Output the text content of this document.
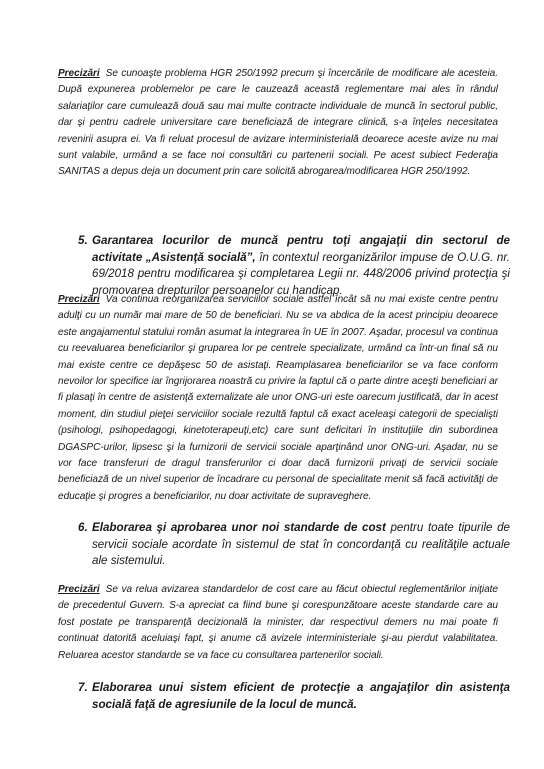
Precizări Se cunoaşte problema HGR 250/1992 precum şi încercările de modificare ale acesteia. După expunerea problemelor pe care le cauzează această reglementare mai ales în rândul salariaţilor care cumulează două sau mai multe contracte individuale de muncă în sectorul public, dar şi pentru cadrele universitare care beneficiază de integrare clinică, s-a înţeles necesitatea revenirii asupra ei. Va fi reluat procesul de avizare interministerială deoarece aceste avize nu mai sunt valabile, urmând a se face noi consultări cu partenerii sociali. Pe acest subiect Federaţia SANITAS a depus deja un document prin care solicită abrogarea/modificarea HGR 250/1992.

5. Garantarea locurilor de muncă pentru toţi angajaţii din sectorul de activitate „Asistenţă socială”, în contextul reorganizărilor impuse de O.U.G. nr. 69/2018 pentru modificarea şi completarea Legii nr. 448/2006 privind protecţia şi promovarea drepturilor persoanelor cu handicap.

Precizări Va continua reorganizarea serviciilor sociale astfel încât să nu mai existe centre pentru adulţi cu un număr mai mare de 50 de beneficiari. Nu se va abdica de la acest principiu deoarece este angajamentul statului român asumat la integrarea în UE în 2007. Aşadar, procesul va continua cu reevaluarea beneficiarilor şi gruparea lor pe centrele specializate, urmând ca într-un final să nu mai existe centre ce depăşesc 50 de asistaţi. Reamplasarea beneficiarilor se va face conform nevoilor lor specifice iar îngrijorarea noastră cu privire la faptul că o parte dintre aceşti beneficiari ar fi plasaţi în centre de asistenţă externalizate ale unor ONG-uri este oarecum justificată, dar în acest moment, din studiul pieţei serviciilor sociale rezultă faptul că exact aceleaşi categorii de specialişti (psihologi, psihopedagogi, kinetoterapeuţi,etc) care sunt deficitari în instituţiile din subordinea DGASPC-urilor, lipsesc şi la furnizorii de servicii sociale aparţinând unor ONG-uri. Aşadar, nu se vor face transferuri de dragul transferurilor ci doar dacă furnizorii privaţi de servicii sociale beneficiază de un nivel superior de încadrare cu personal de specialitate menit să facă activităţi de educaţie şi progres a beneficiarilor, nu doar activitate de supraveghere.

6. Elaborarea şi aprobarea unor noi standarde de cost pentru toate tipurile de servicii sociale acordate în sistemul de stat în concordanţă cu realităţile actuale ale sistemului.

Precizări Se va relua avizarea standardelor de cost care au făcut obiectul reglementărilor iniţiate de precedentul Guvern. S-a apreciat ca fiind bune şi corespunzătoare aceste standarde care au fost postate pe transparenţă decizională la minister, dar respectivul demers nu mai poate fi continuat datorită aceluiaşi fapt, şi anume că avizele interministeriale şi-au pierdut valabilitatea. Reluarea acestor standarde se va face cu consultarea partenerilor sociali.

7. Elaborarea unui sistem eficient de protecţie a angajaţilor din asistenţa socială faţă de agresiunile de la locul de muncă.
